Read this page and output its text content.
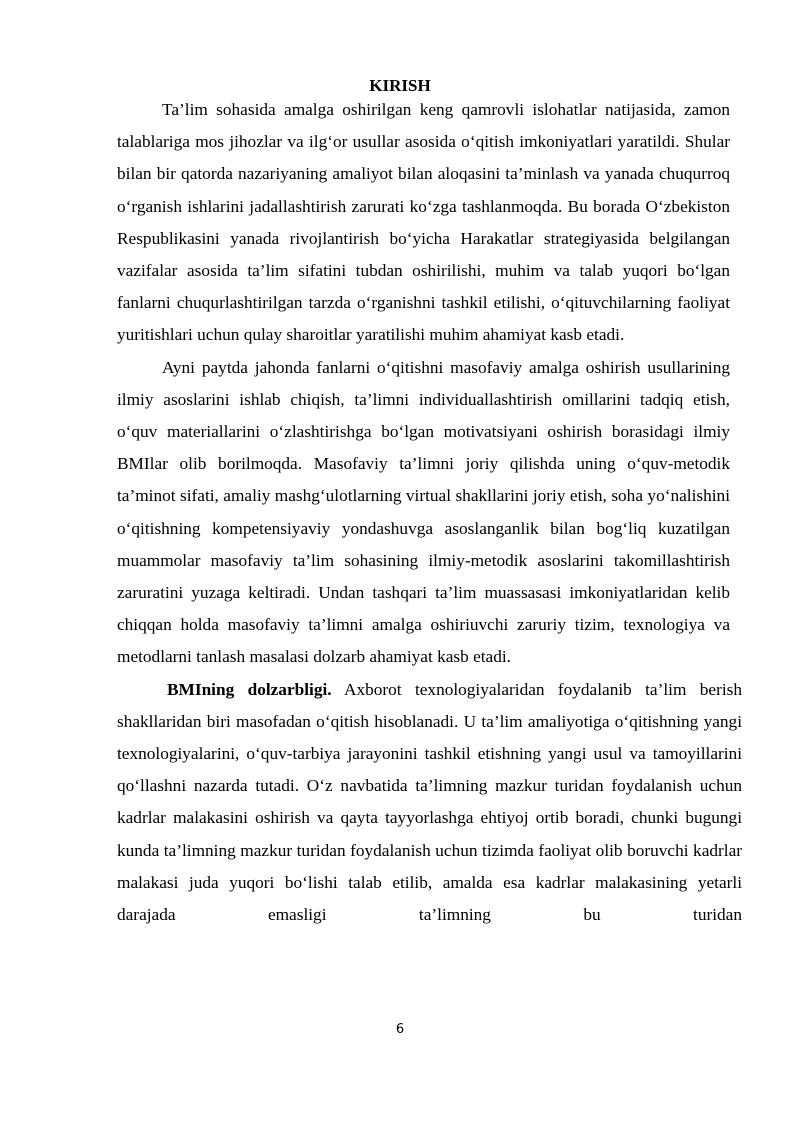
KIRISH

Ta’lim sohasida amalga oshirilgan keng qamrovli islohatlar natijasida, zamon talablariga mos jihozlar va ilg‘or usullar asosida o‘qitish imkoniyatlari yaratildi. Shular bilan bir qatorda nazariyaning amaliyot bilan aloqasini ta’minlash va yanada chuqurroq o‘rganish ishlarini jadallashtirish zarurati ko‘zga tashlanmoqda. Bu borada O‘zbekiston Respublikasini yanada rivojlantirish bo‘yicha Harakatlar strategiyasida belgilangan vazifalar asosida ta’lim sifatini tubdan oshirilishi, muhim va talab yuqori bo‘lgan fanlarni chuqurlashtirilgan tarzda o‘rganishni tashkil etilishi, o‘qituvchilarning faoliyat yuritishlari uchun qulay sharoitlar yaratilishi muhim ahamiyat kasb etadi.

Ayni paytda jahonda fanlarni o‘qitishni masofaviy amalga oshirish usullarining ilmiy asoslarini ishlab chiqish, ta’limni individuallashtirish omillarini tadqiq etish, o‘quv materiallarini o‘zlashtirishga bo‘lgan motivatsiyani oshirish borasidagi ilmiy BMIlar olib borilmoqda. Masofaviy ta’limni joriy qilishda uning o‘quv-metodik ta’minot sifati, amaliy mashg‘ulotlarning virtual shakllarini joriy etish, soha yo‘nalishini o‘qitishning kompetensiyaviy yondashuvga asoslanganlik bilan bog‘liq kuzatilgan muammolar masofaviy ta’lim sohasining ilmiy-metodik asoslarini takomillashtirish zaruratini yuzaga keltiradi. Undan tashqari ta’lim muassasasi imkoniyatlaridan kelib chiqqan holda masofaviy ta’limni amalga oshiriuvchi zaruriy tizim, texnologiya va metodlarni tanlash masalasi dolzarb ahamiyat kasb etadi.

BMIning dolzarbligi. Axborot texnologiyalaridan foydalanib ta’lim berish shakllaridan biri masofadan o‘qitish hisoblanadi. U ta’lim amaliyotiga o‘qitishning yangi texnologiyalarini, o‘quv-tarbiya jarayonini tashkil etishning yangi usul va tamoyillarini qo‘llashni nazarda tutadi. O‘z navbatida ta’limning mazkur turidan foydalanish uchun kadrlar malakasini oshirish va qayta tayyorlashga ehtiyoj ortib boradi, chunki bugungi kunda ta’limning mazkur turidan foydalanish uchun tizimda faoliyat olib boruvchi kadrlar malakasi juda yuqori bo‘lishi talab etilib, amalda esa kadrlar malakasining yetarli darajada emasligi ta’limning bu turidan

6
